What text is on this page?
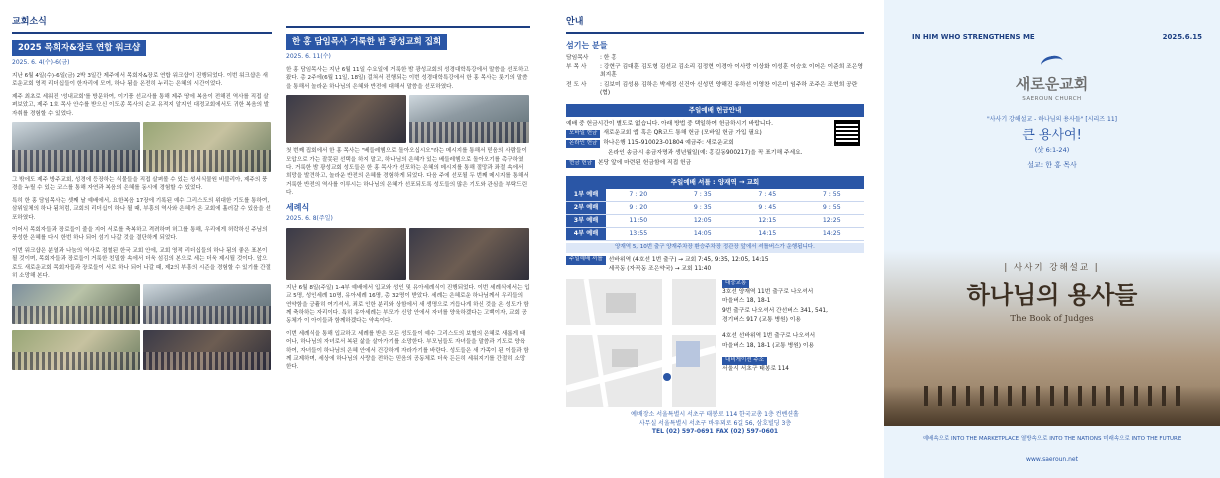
교회소식
2025 목회자&장로 연합 워크샵
2025. 6. 4(수)-6(금)

지난 6월 4일(수)-6일(금) 2박 3일간 제주에서 목회자&장로 연합 워크샵이 진행되었다. 이번 워크샵은 새로운교회 영적 리더십들이 한자리에 모여, 하나 됨을 온전히 누리는 은혜의 시간이었다.

제주 최초로 세워진 '성내교회'를 방문하여, 이기풍 선교사를 통해 제주 땅에 복음이 전해진 역사를 직접 살펴보았고, 제주 1호 목사 안수를 받으신 이도종 목사의 순교 유적지 알지인 대정교회에서도 귀한 복음의 발자취를 경험할 수 있었다.

그 밖에도 제주 방주교회, 성경에 등장하는 식물들을 직접 살펴볼 수 있는 성서식물원 비블리아, 제주의 풍경을 누릴 수 있는 코스를 통해 자연과 복음의 은혜를 동시에 경험할 수 있었다.

특히 한 홍 담임목사는 셋째 날 예배에서, 요한복음 17장에 기록된 예수 그리스도의 위대한 기도를 통하여, 삼위일체의 하나 됨처럼, 교회의 리더십이 하나 될 때, 부흥의 역사와 은혜가 온 교회에 흘러갈 수 있음을 선포하였다.

이어서 목회자들과 장로들이 줄을 지어 서로를 축복하고 격려하며 허그를 통해, 우리에게 허락하신 주님의 풍성한 은혜를 다시 한번 하나 되어 섬기 나갈 것을 결단하게 되었다.

이번 워크샵은 분열과 나눔의 역사로 점철된 한국 교회 안에, 교회 영적 리더십들의 하나 됨의 좋은 표본이 될 것이며, 목회자들과 장로들이 거룩한 친밀함 속에서 더욱 섬김의 본으로 세는 더욱 제시될 것이다. 앞으로도 새로운교회 목회자들과 장로들이 서로 하나 되어 나갈 때, 제2의 부흥의 시즌을 경험할 수 있기를 간절히 소망해 본다.

한 홍 담임목사 거룩한 밤 광성교회 집회
2025. 6. 11(수)

한 홍 담임목사는 지난 6월 11일 수요일에 거룩한 밤 광성교회의 성경대학특강에서 말씀을 선포하고 왔다. 총 2주에(6월 11일, 18일) 걸쳐서 진행되는 이번 성경대학특강에서 한 홍 목사는 룻기의 말씀을 통해서 놀라운 하나님의 은혜와 반전에 대해서 말씀을 선포하였다.

첫 번째 집회에서 한 홍 목사는 "베들레헴으로 돌아오십시오"라는 메시지를 통해서 믿음의 사람들이 모압으로 가는 잘못된 선택을 하지 말고, 하나님의 은혜가 있는 베들레헴으로 돌아오기를 촉구하였다. 거룩한 밤 광성교회 성도들은 한 홍 목사가 선포하는 은혜의 메시지를 통해 절망과 좌절 속에서 희망을 발견하고, 놀라운 반전의 은혜를 경험하게 되었다. 다음 주에 선포될 두 번째 메시지를 통해서 거룩한 반전의 역사를 이루시는 하나님의 은혜가 선포되도록 성도들의 많은 기도와 관심을 부탁드린다.

세례식
2025. 6. 8(주일)

지난 6월 8일(주일) 1-4부 예배에서 입교와 성인 및 유아세례식이 진행되었다. 이번 세례식에서는 입교 5명, 성인세례 10명, 유아세례 16명, 총 32명이 받았다. 세례는 은혜로운 하나님께서 우리들의 연약함을 긍휼히 여기셔서, 죄로 인한 분리와 상함에서 새 생명으로 거듭나게 하신 것을 온 성도가 함께 축하하는 자리이다. 특히 유아세례는 부모가 신앙 안에서 자녀를 양육하겠다는 고백이자, 교회 공동체가 이 아이들과 함께하겠다는 약속이다.

이번 세례식을 통해 입교하고 세례를 받은 모든 성도들이 예수 그리스도의 보혈의 은혜로 새롭게 태어나, 하나님의 자녀로서 복된 삶을 살아가기를 소망한다. 부모님들도 자녀들을 말씀과 기도로 양육하여, 자녀들이 하나님의 은혜 안에서 건강하게 자라가기를 바란다. 성도들은 새 가족이 된 이들과 함께 교제하며, 세상에 하나님의 사랑을 전하는 믿음의 공동체로 더욱 든든히 세워지기를 간절히 소망한다.

안내
섬기는 분들
담임목사	: 한 홍
부 목 사	: 강현구 김대훈 김도형 김선교 김소리 김정현 이경아 이사랑 이상화 이성훈 이승호 이어은 이준희 조은영 최지훈
전 도 사	: 김보미 김성용 김하은 박세정 신건아 신성민 양해진 유하선 이영찬 이은미 임주하 조주은 조현희 공란(협)
주일예배 헌금안내
예배 중 헌금시간이 별도로 없습니다. 아래 방법 중 택일하여 헌금하시기 바랍니다.
모바일 헌금 새로운교회 앱 혹은 QR코드 통해 헌금 (모바일 헌금 가입 필요)
온라인 헌금 하나은행 115-910023-01804 예금주: 새로운교회
온라인 송금시 송금자명과 생년월일(예: 홍길동900217)을 꼭 표기해 주세요.
현금 헌금 본당 앞에 마련된 헌금함에 직접 헌금
주일예배 셔틀 : 양재역 → 교회
1부 예배	7 : 20	7 : 35	7 : 45	7 : 55
2부 예배	9 : 20	9 : 35	9 : 45	9 : 55
3부 예배	11:50	12:05	12:15	12:25
4부 예배	13:55	14:05	14:15	14:25
양재역 5, 10번 출구 양재주차장 환승주차장 정관장 앞에서 셔틀버스가 운행됩니다.
주일예배 셔틀	선바위역 (4호선 1번 출구) → 교회 7:45, 9:35, 12:05, 14:15
세곡동 (자곡동 조은약국) → 교회 11:40
대중교통
3호선 양재역 11번 출구로 나오셔서
마을버스 18, 18-1
9번 출구로 나오셔서 간선버스 341, 541,
경기버스 917 (교통 병원) 이용
4호선 선바위역 1번 출구로 나오셔서
마을버스 18, 18-1 (교통 병원) 이용
내비게이션 주소
서울시 서초구 태봉로 114
예배장소 서울특별시 서초구 태봉로 114 한국교총 1층 컨벤션홀
사무실 서울특별시 서초구 바우뫼로 6길 56, 삼호빌딩 3층
TEL (02) 597-0691 FAX (02) 597-0601
IN HIM WHO STRENGTHENS ME	2025.6.15
새로운교회
SAEROUN CHURCH
"사사기 강해설교 - 하나님의 용사들" [시리즈 11]
큰 용사여!
(삿 6:1-24)
설교: 한 홍 목사
| 사사기 강해설교 |
하나님의 용사들
The Book of Judges
예배속으로 INTO THE MARKETPLACE 열방속으로 INTO THE NATIONS 미래속으로 INTO THE FUTURE
www.saeroun.net
